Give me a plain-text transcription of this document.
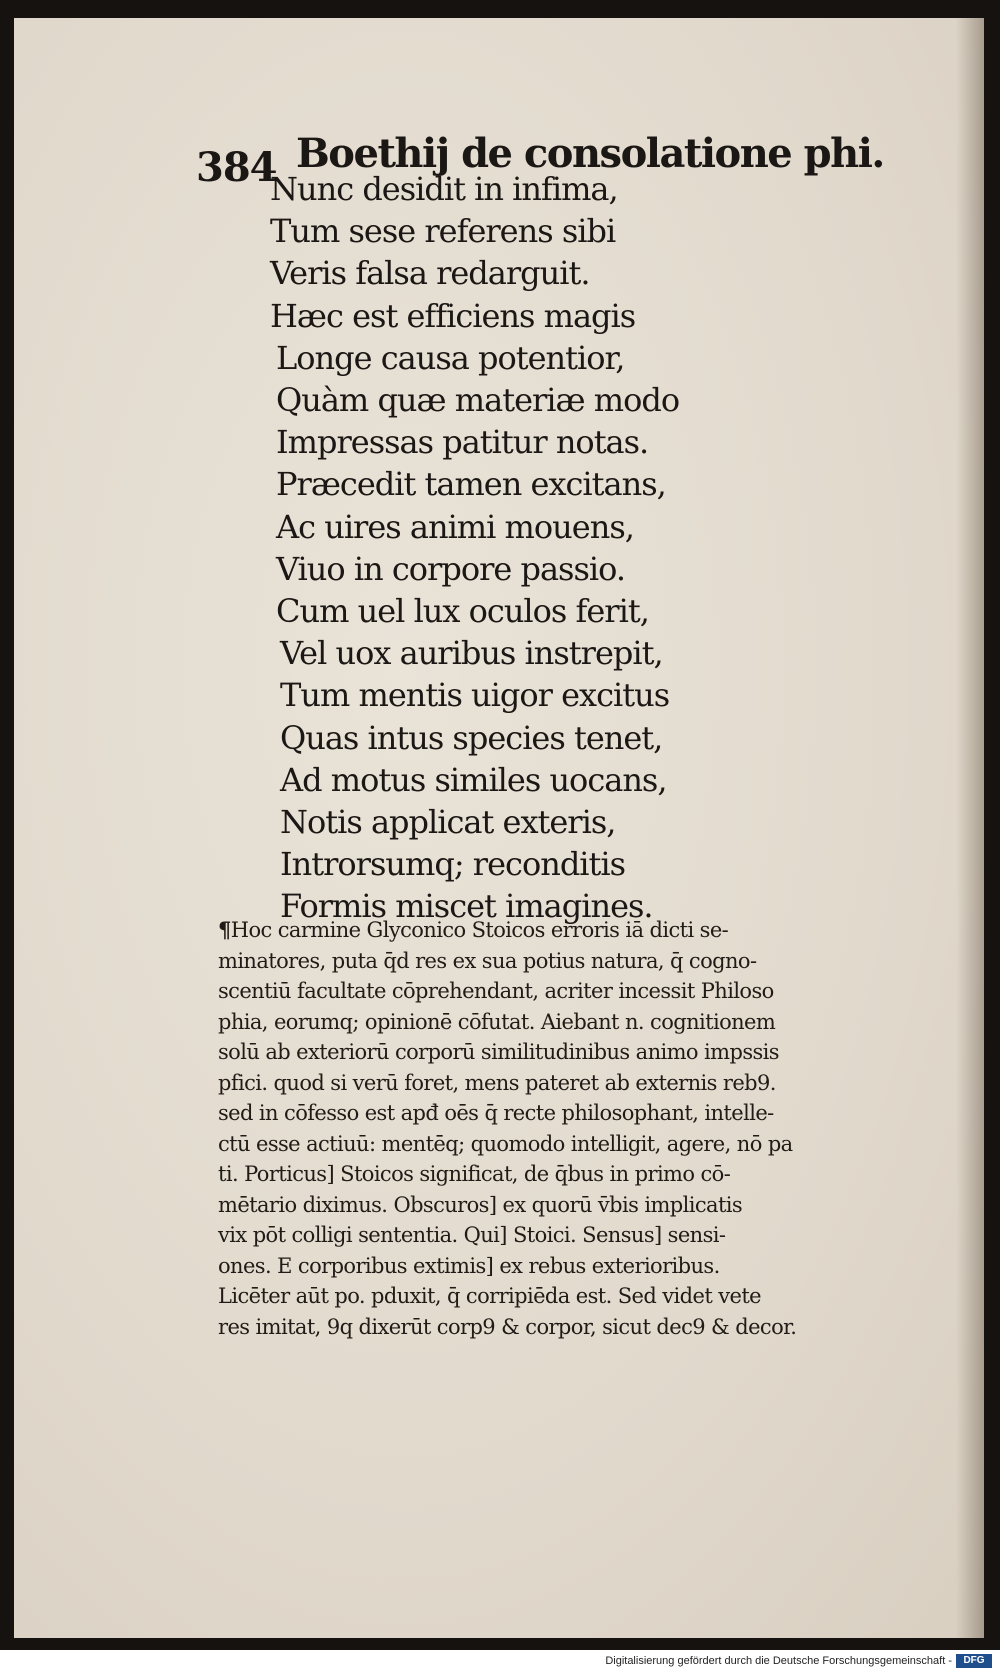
384 Boethij de consolatione phi.
Nunc desidit in infima,
Tum sese referens sibi
Veris falsa redarguit.
Hæc est efficiens magis
Longe causa potentior,
Quàm quæ materiæ modo
Impressas patitur notas.
Præcedit tamen excitans,
Ac uires animi mouens,
Viuo in corpore passio.
Cum uel lux oculos ferit,
Vel uox auribus instrepit,
Tum mentis uigor excitus
Quas intus species tenet,
Ad motus similes uocans,
Notis applicat exteris,
Introrsumq; reconditis
Formis miscet imagines.
¶Hoc carmine Glyconico Stoicos erroris iā dicti se-
minatores, puta q̄d res ex sua potius natura, q̄ cogno-
scentiū facultate cōprehendant, acriter incessit Philoso
phia, eorumq; opinionē cōfutat. Aiebant n. cognitionem
solū ab exteriorū corporū similitudinibus animo impssis
pfici. quod si verū foret, mens pateret ab externis reb9.
sed in cōfesso est apđ oēs q̄ recte philosophant, intelle-
ctū esse actiuū: mentēq; quomodo intelligit, agere, nō pa
ti. Porticus] Stoicos significat, de q̄bus in primo cō-
mētario diximus. Obscuros] ex quorū v̄bis implicatis
vix pōt colligi sententia. Qui] Stoici. Sensus] sensi-
ones. E corporibus extimis] ex rebus exterioribus.
Licēter aūt po. pduxit, q̄ corripiēda est. Sed videt vete
res imitat, 9q dixerūt corp9 & corpor, sicut dec9 & decor.
Digitalisierung gefördert durch die Deutsche Forschungsgemeinschaft -	DFG
